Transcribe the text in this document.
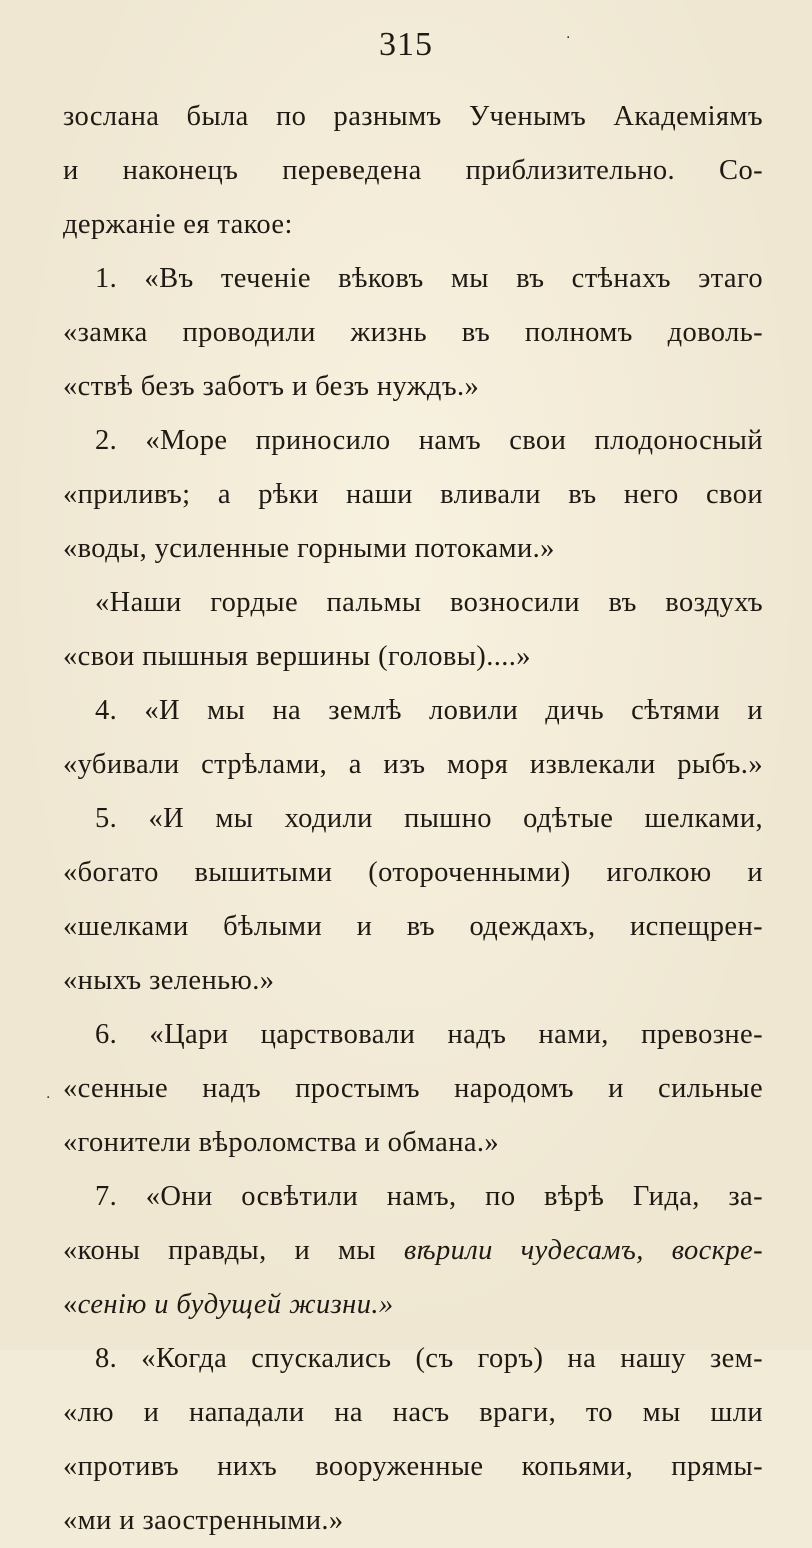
315	·
·
зослана была по разнымъ Ученымъ Академіямъ
и наконецъ переведена приблизительно. Со-
держаніе ея такое:
1. «Въ теченіе вѣковъ мы въ стѣнахъ этаго
«замка проводили жизнь въ полномъ доволь-
«ствѣ безъ заботъ и безъ нуждъ.»
2. «Море приносило намъ свои плодоносный
«приливъ; а рѣки наши вливали въ него свои
«воды, усиленные горными потоками.»
«Наши гордые пальмы возносили въ воздухъ
«свои пышныя вершины (головы)....»
4. «И мы на землѣ ловили дичь сѣтями и
«убивали стрѣлами, а изъ моря извлекали рыбъ.»
5. «И мы ходили пышно одѣтые шелками,
«богато вышитыми (отороченными) иголкою и
«шелками бѣлыми и въ одеждахъ, испещрен-
«ныхъ зеленью.»
6. «Цари царствовали надъ нами, превозне-
«сенные надъ простымъ народомъ и сильные
«гонители вѣроломства и обмана.»
7. «Они освѣтили намъ, по вѣрѣ Гида, за-
«коны правды, и мы вѣрили чудесамъ, воскре-
«сенію и будущей жизни.»
8. «Когда спускались (съ горъ) на нашу зем-
«лю и нападали на насъ враги, то мы шли
«противъ нихъ вооруженные копьями, прямы-
«ми и заостренными.»
